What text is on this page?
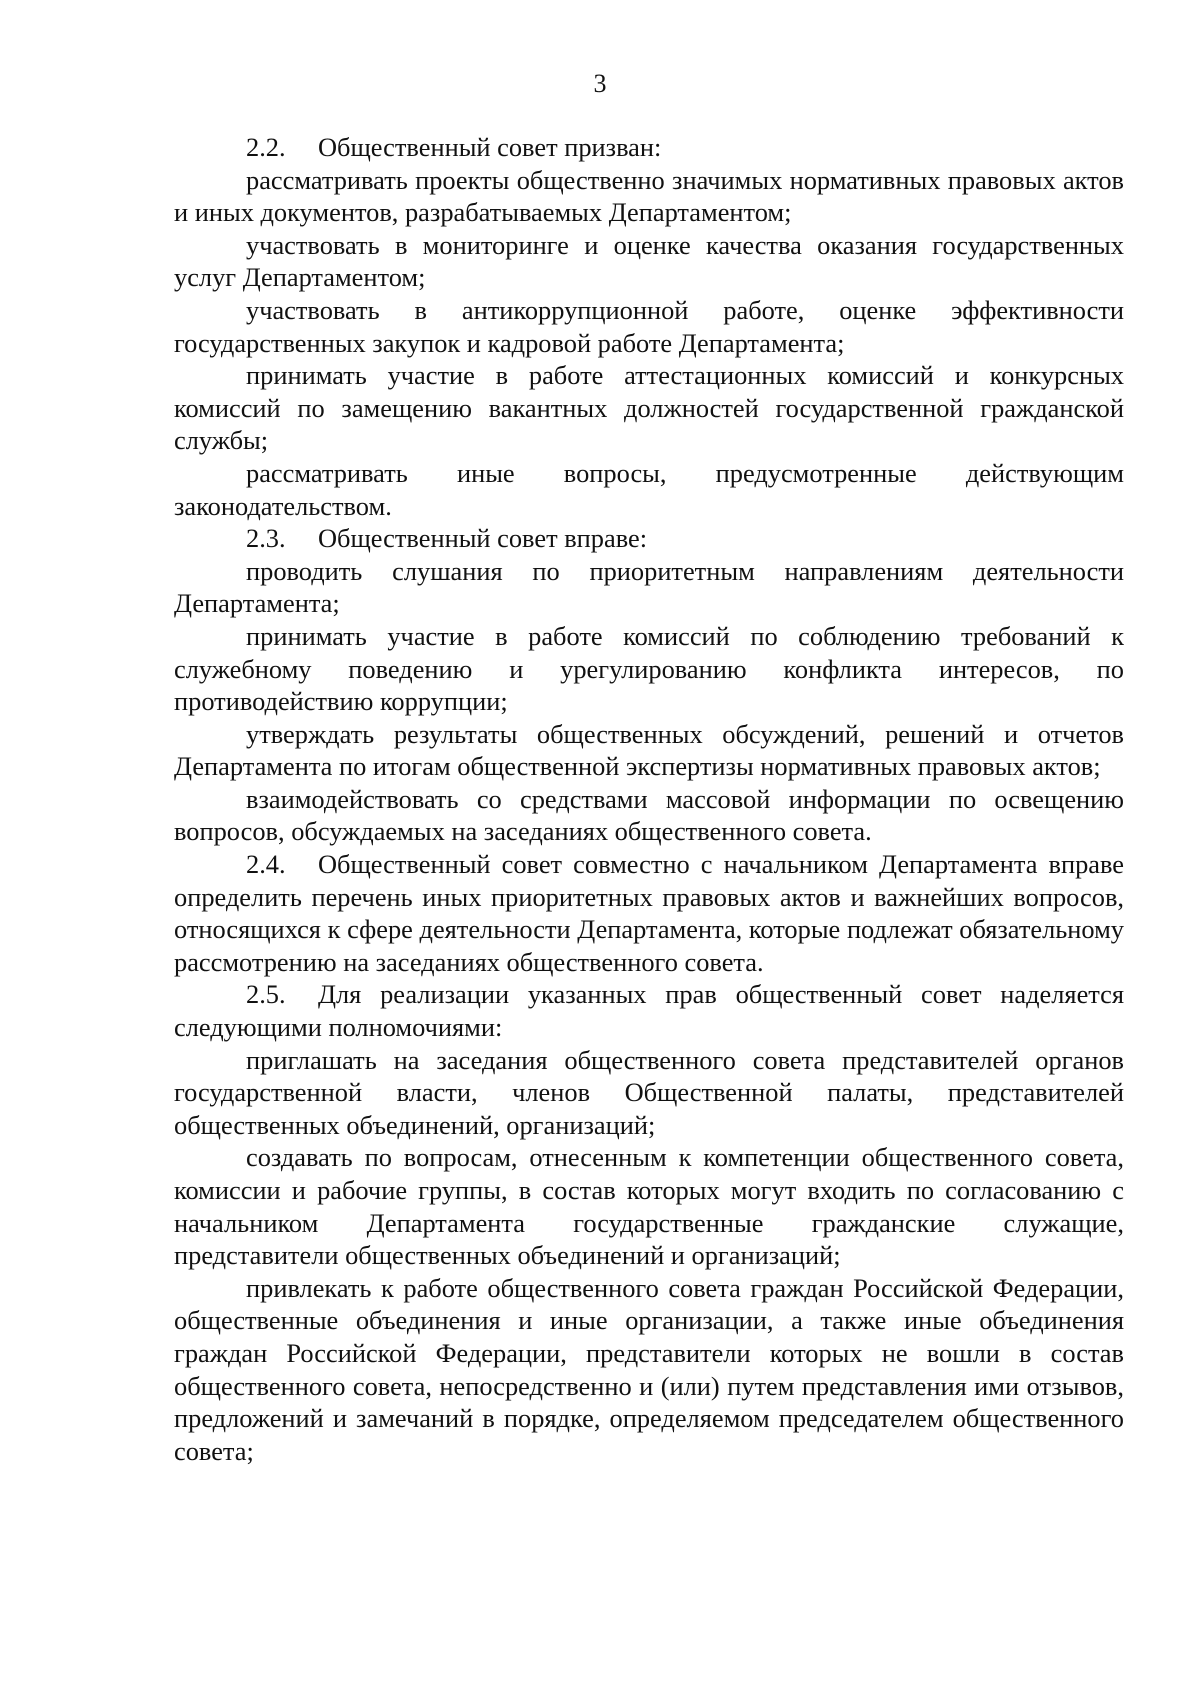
3

2.2. Общественный совет призван:

рассматривать проекты общественно значимых нормативных правовых актов и иных документов, разрабатываемых Департаментом;

участвовать в мониторинге и оценке качества оказания государственных услуг Департаментом;

участвовать в антикоррупционной работе, оценке эффективности государственных закупок и кадровой работе Департамента;

принимать участие в работе аттестационных комиссий и конкурсных комиссий по замещению вакантных должностей государственной гражданской службы;

рассматривать иные вопросы, предусмотренные действующим законодательством.

2.3. Общественный совет вправе:

проводить слушания по приоритетным направлениям деятельности Департамента;

принимать участие в работе комиссий по соблюдению требований к служебному поведению и урегулированию конфликта интересов, по противодействию коррупции;

утверждать результаты общественных обсуждений, решений и отчетов Департамента по итогам общественной экспертизы нормативных правовых актов;

взаимодействовать со средствами массовой информации по освещению вопросов, обсуждаемых на заседаниях общественного совета.

2.4. Общественный совет совместно с начальником Департамента вправе определить перечень иных приоритетных правовых актов и важнейших вопросов, относящихся к сфере деятельности Департамента, которые подлежат обязательному рассмотрению на заседаниях общественного совета.

2.5. Для реализации указанных прав общественный совет наделяется следующими полномочиями:

приглашать на заседания общественного совета представителей органов государственной власти, членов Общественной палаты, представителей общественных объединений, организаций;

создавать по вопросам, отнесенным к компетенции общественного совета, комиссии и рабочие группы, в состав которых могут входить по согласованию с начальником Департамента государственные гражданские служащие, представители общественных объединений и организаций;

привлекать к работе общественного совета граждан Российской Федерации, общественные объединения и иные организации, а также иные объединения граждан Российской Федерации, представители которых не вошли в состав общественного совета, непосредственно и (или) путем представления ими отзывов, предложений и замечаний в порядке, определяемом председателем общественного совета;
